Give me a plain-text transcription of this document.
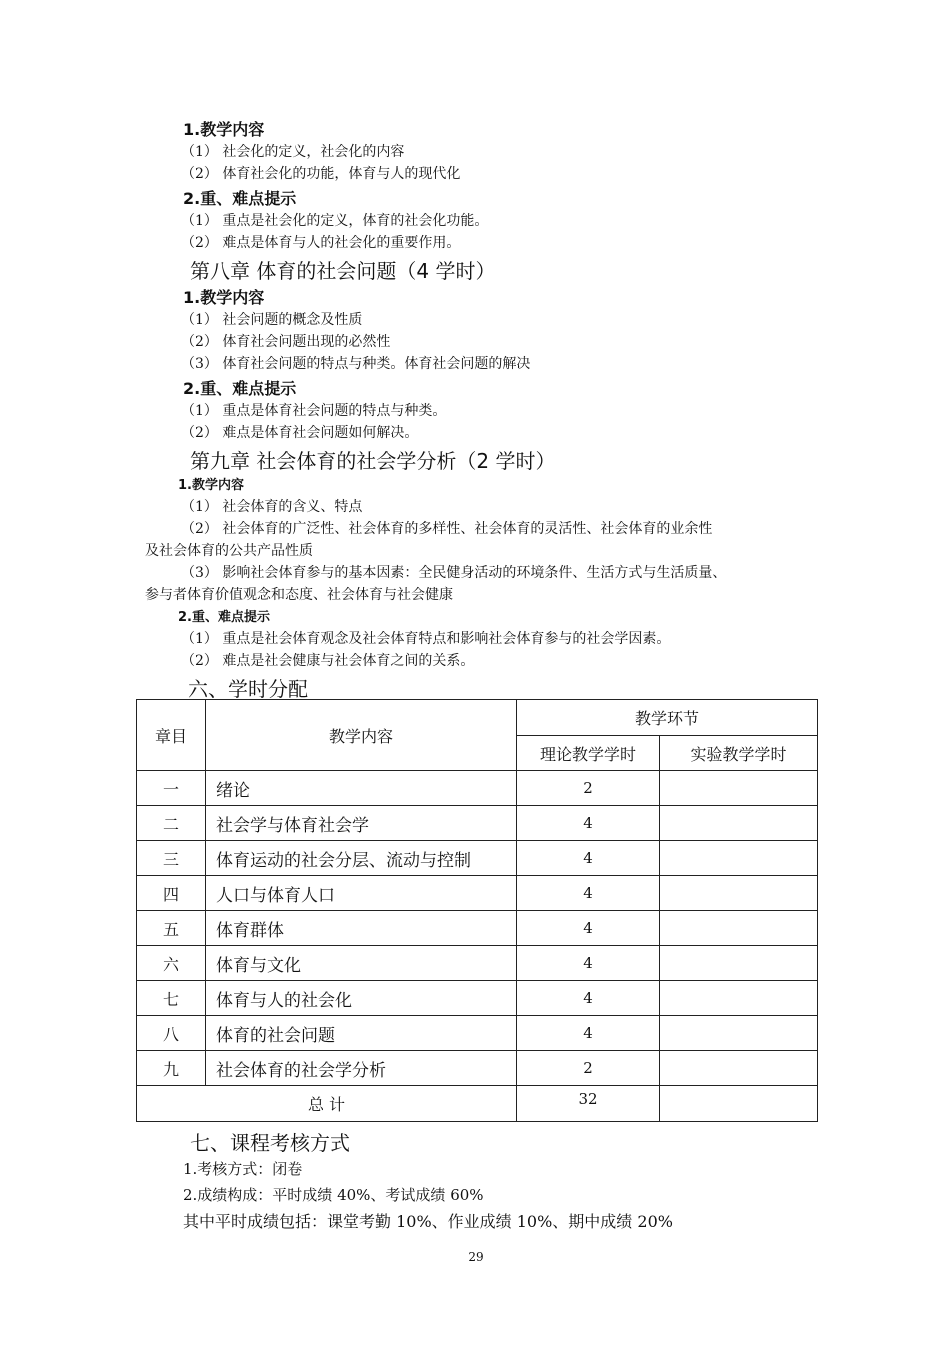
1.教学内容
（1） 社会化的定义，社会化的内容
（2） 体育社会化的功能，体育与人的现代化
2.重、难点提示
（1） 重点是社会化的定义，体育的社会化功能。
（2） 难点是体育与人的社会化的重要作用。
第八章 体育的社会问题（4 学时）
1.教学内容
（1） 社会问题的概念及性质
（2） 体育社会问题出现的必然性
（3） 体育社会问题的特点与种类。体育社会问题的解决
2.重、难点提示
（1） 重点是体育社会问题的特点与种类。
（2） 难点是体育社会问题如何解决。
第九章 社会体育的社会学分析（2 学时）
1.教学内容
（1） 社会体育的含义、特点
（2） 社会体育的广泛性、社会体育的多样性、社会体育的灵活性、社会体育的业余性
及社会体育的公共产品性质
（3） 影响社会体育参与的基本因素：全民健身活动的环境条件、生活方式与生活质量、
参与者体育价值观念和态度、社会体育与社会健康
2.重、难点提示
（1） 重点是社会体育观念及社会体育特点和影响社会体育参与的社会学因素。
（2） 难点是社会健康与社会体育之间的关系。
六、学时分配
章目	教学内容	教学环节	
		理论教学学时	实验教学学时
一	绪论	2	
二	社会学与体育社会学	4	
三	体育运动的社会分层、流动与控制	4	
四	人口与体育人口	4	
五	体育群体	4	
六	体育与文化	4	
七	体育与人的社会化	4	
八	体育的社会问题	4	
九	社会体育的社会学分析	2	
总 计		32	
七、课程考核方式
1.考核方式：闭卷
2.成绩构成：平时成绩 40%、考试成绩 60%
其中平时成绩包括：课堂考勤 10%、作业成绩 10%、期中成绩 20%
29
